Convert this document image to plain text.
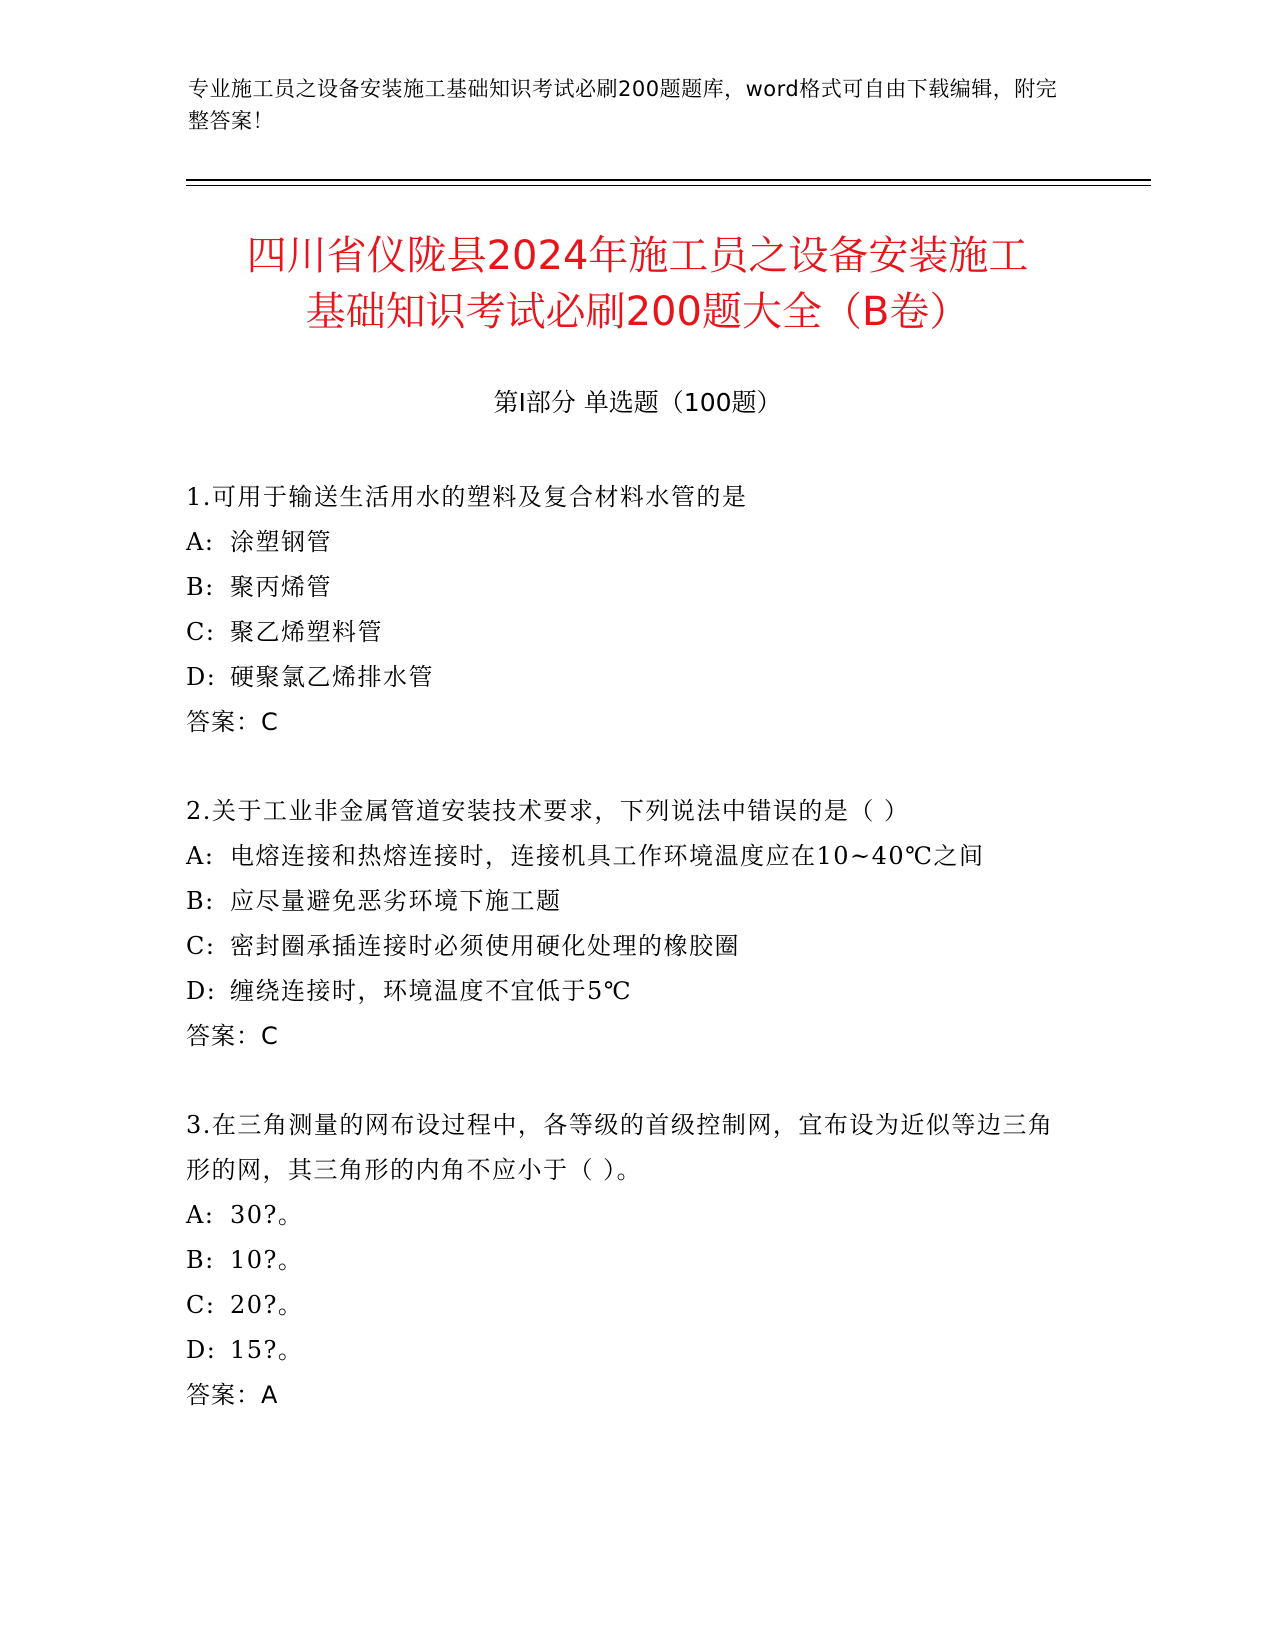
专业施工员之设备安装施工基础知识考试必刷200题题库，word格式可自由下载编辑，附完整答案！
四川省仪陇县2024年施工员之设备安装施工
基础知识考试必刷200题大全（B卷）
第Ⅰ部分 单选题（100题）
1.可用于输送生活用水的塑料及复合材料水管的是
A: 涂塑钢管
B: 聚丙烯管
C: 聚乙烯塑料管
D: 硬聚氯乙烯排水管
答案：C
2.关于工业非金属管道安装技术要求，下列说法中错误的是（ ）
A: 电熔连接和热熔连接时，连接机具工作环境温度应在10~40℃之间
B: 应尽量避免恶劣环境下施工题
C: 密封圈承插连接时必须使用硬化处理的橡胶圈
D: 缠绕连接时，环境温度不宜低于5℃
答案：C
3.在三角测量的网布设过程中，各等级的首级控制网，宜布设为近似等边三角形的网，其三角形的内角不应小于（ ）。
A: 30?。
B: 10?。
C: 20?。
D: 15?。
答案：A
